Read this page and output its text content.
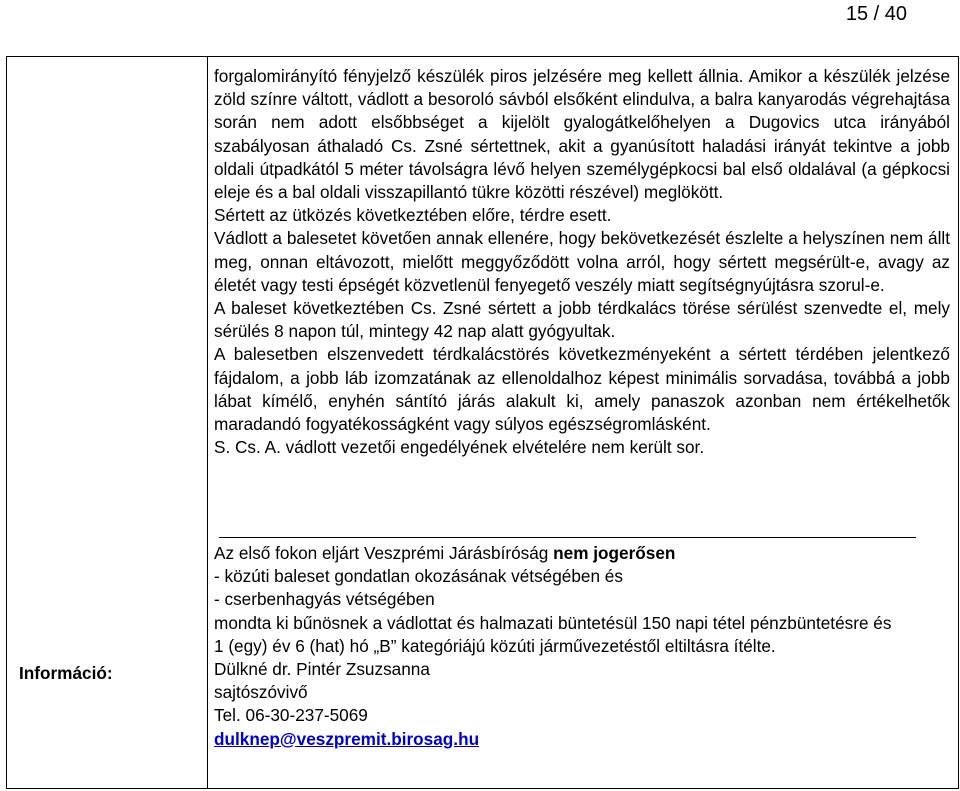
15 / 40
Információ:

forgalomirányító fényjelző készülék piros jelzésére meg kellett állnia. Amikor a készülék jelzése zöld színre váltott, vádlott a besoroló sávból elsőként elindulva, a balra kanyarodás végrehajtása során nem adott elsőbbséget a kijelölt gyalogátkelőhelyen a Dugovics utca irányából szabályosan áthaladó Cs. Zsné sértettnek, akit a gyanúsított haladási irányát tekintve a jobb oldali útpadkától 5 méter távolságra lévő helyen személygépkocsi bal első oldalával (a gépkocsi eleje és a bal oldali visszapillantó tükre közötti részével) meglökött.

Sértett az ütközés következtében előre, térdre esett.

Vádlott a balesetet követően annak ellenére, hogy bekövetkezését észlelte a helyszínen nem állt meg, onnan eltávozott, mielőtt meggyőződött volna arról, hogy sértett megsérült-e, avagy az életét vagy testi épségét közvetlenül fenyegető veszély miatt segítségnyújtásra szorul-e.

A baleset következtében Cs. Zsné sértett a jobb térdkalács törése sérülést szenvedte el, mely sérülés 8 napon túl, mintegy 42 nap alatt gyógyultak.

A balesetben elszenvedett térdkalácstörés következményeként a sértett térdében jelentkező fájdalom, a jobb láb izomzatának az ellenoldalhoz képest minimális sorvadása, továbbá a jobb lábat kímélő, enyhén sántító járás alakult ki, amely panaszok azonban nem értékelhetők maradandó fogyatékosságként vagy súlyos egészségromlásként.

S. Cs. A. vádlott vezetői engedélyének elvételére nem került sor.

Az első fokon eljárt Veszprémi Járásbíróság nem jogerősen

- közúti baleset gondatlan okozásának vétségében és

- cserbenhagyás vétségében

mondta ki bűnösnek a vádlottat és halmazati büntetésül 150 napi tétel pénzbüntetésre és

1 (egy) év 6 (hat) hó „B” kategóriájú közúti járművezetéstől eltiltásra ítélte.

Dülkné dr. Pintér Zsuzsanna

sajtószóvivő

Tel. 06-30-237-5069

dulknep@veszpremit.birosag.hu
